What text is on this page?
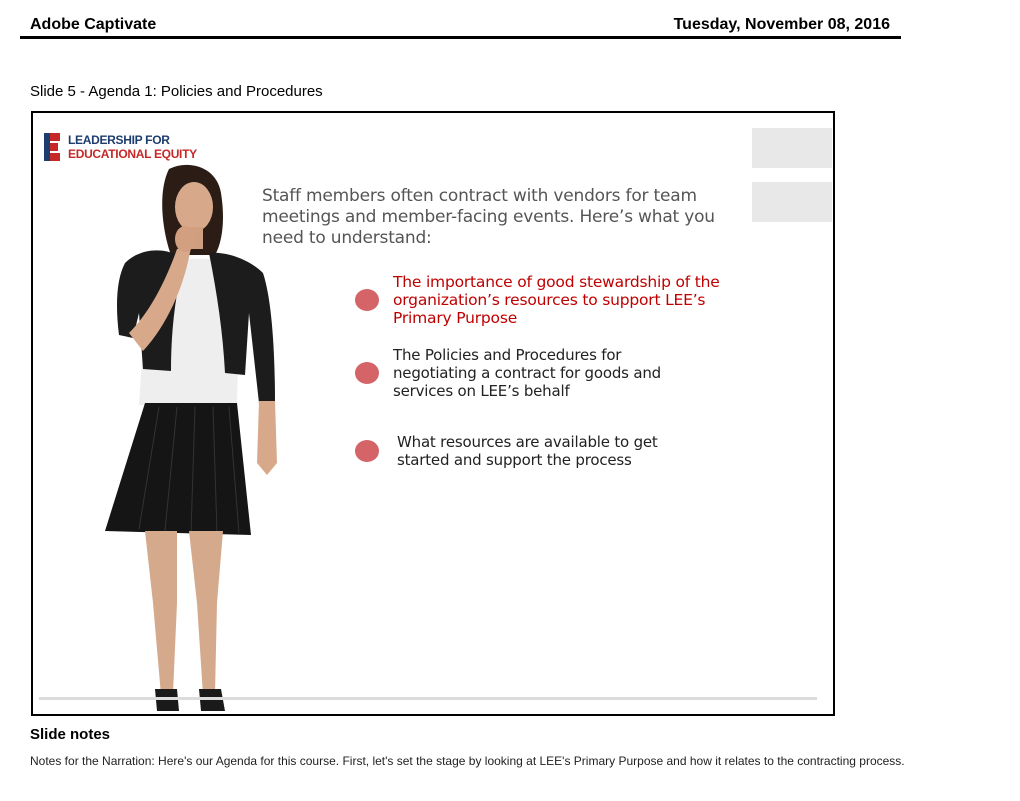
Adobe Captivate	Tuesday, November 08, 2016
Slide 5 - Agenda 1: Policies and Procedures
LEADERSHIP FOR
EDUCATIONAL EQUITY
Staff members often contract with vendors for team meetings and member-facing events. Here’s what you need to understand:
The importance of good stewardship of the organization’s resources to support LEE’s Primary Purpose
The Policies and Procedures for negotiating a contract for goods and services on LEE’s behalf
What resources are available to get started and support the process
Slide notes
Notes for the Narration: Here's our Agenda for this course. First, let's set the stage by looking at LEE's Primary Purpose and how it relates to the contracting process.
